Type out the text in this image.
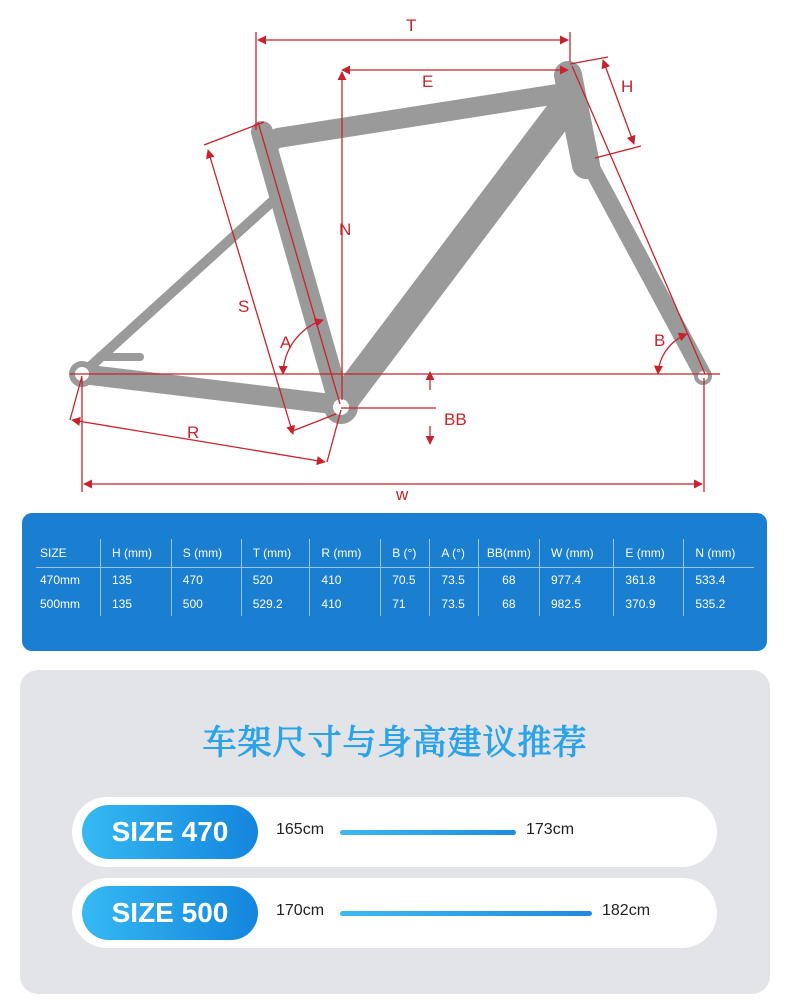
T
E	H
N
S
A	B
BB
R
w
SIZE	H (mm)	S (mm)	T (mm)	R (mm)	B (°)	A (°)	BB(mm)	W (mm)	E (mm)	N (mm)
470mm	135	470	520	410	70.5	73.5	68	977.4	361.8	533.4
500mm	135	500	529.2	410	71	73.5	68	982.5	370.9	535.2
车架尺寸与身高建议推荐
SIZE 470	165cm	173cm
SIZE 500	170cm	182cm
